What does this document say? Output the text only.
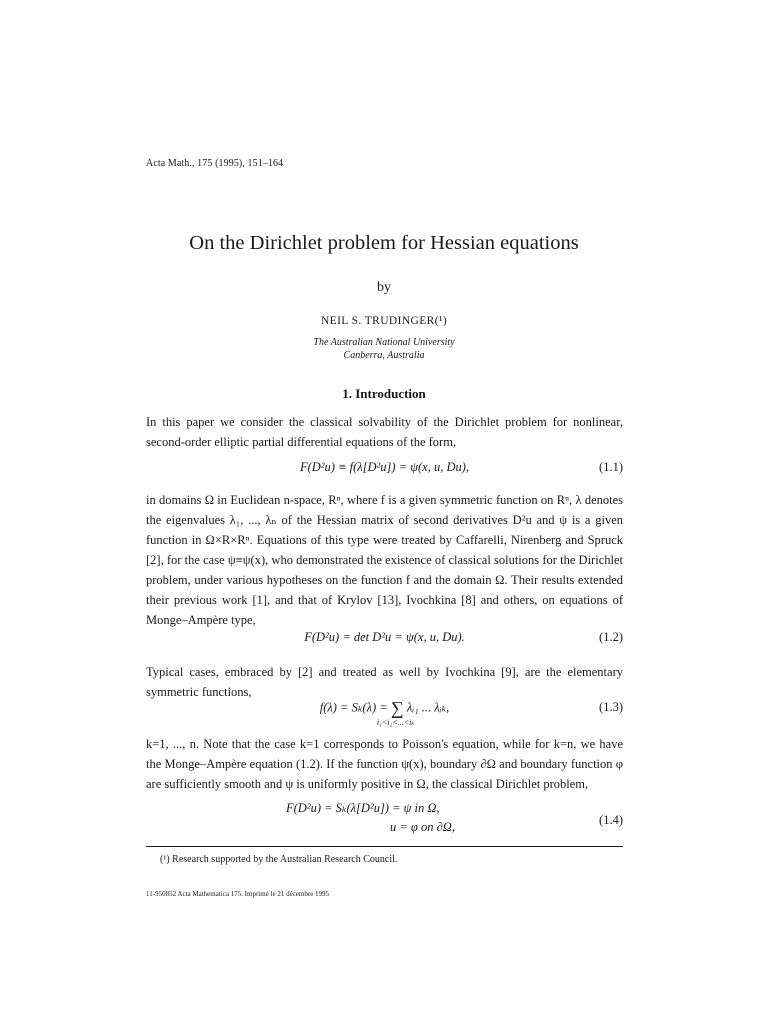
Acta Math., 175 (1995), 151–164
On the Dirichlet problem for Hessian equations
by
NEIL S. TRUDINGER(¹)
The Australian National University
Canberra, Australia
1. Introduction
In this paper we consider the classical solvability of the Dirichlet problem for nonlinear, second-order elliptic partial differential equations of the form,
F(D²u) ≡ f(λ[D²u]) = ψ(x, u, Du),	(1.1)
in domains Ω in Euclidean n-space, Rⁿ, where f is a given symmetric function on Rⁿ, λ denotes the eigenvalues λ₁, ..., λₙ of the Hessian matrix of second derivatives D²u and ψ is a given function in Ω×R×Rⁿ. Equations of this type were treated by Caffarelli, Nirenberg and Spruck [2], for the case ψ≡ψ(x), who demonstrated the existence of classical solutions for the Dirichlet problem, under various hypotheses on the function f and the domain Ω. Their results extended their previous work [1], and that of Krylov [13], Ivochkina [8] and others, on equations of Monge–Ampère type,
F(D²u) = det D²u = ψ(x, u, Du).	(1.2)
Typical cases, embraced by [2] and treated as well by Ivochkina [9], are the elementary symmetric functions,
f(λ) = Sₖ(λ) = ∑
i₁<i₂<...<iₖ
λᵢ₁ ... λᵢₖ,	(1.3)
k=1, ..., n. Note that the case k=1 corresponds to Poisson's equation, while for k=n, we have the Monge–Ampère equation (1.2). If the function ψ(x), boundary ∂Ω and boundary function φ are sufficiently smooth and ψ is uniformly positive in Ω, the classical Dirichlet problem,
F(D²u) = Sₖ(λ[D²u]) = ψ in Ω,
u = φ on ∂Ω,	(1.4)
(¹) Research supported by the Australian Research Council.
11-950852 Acta Mathematica 175. Imprimé le 21 décembre 1995
